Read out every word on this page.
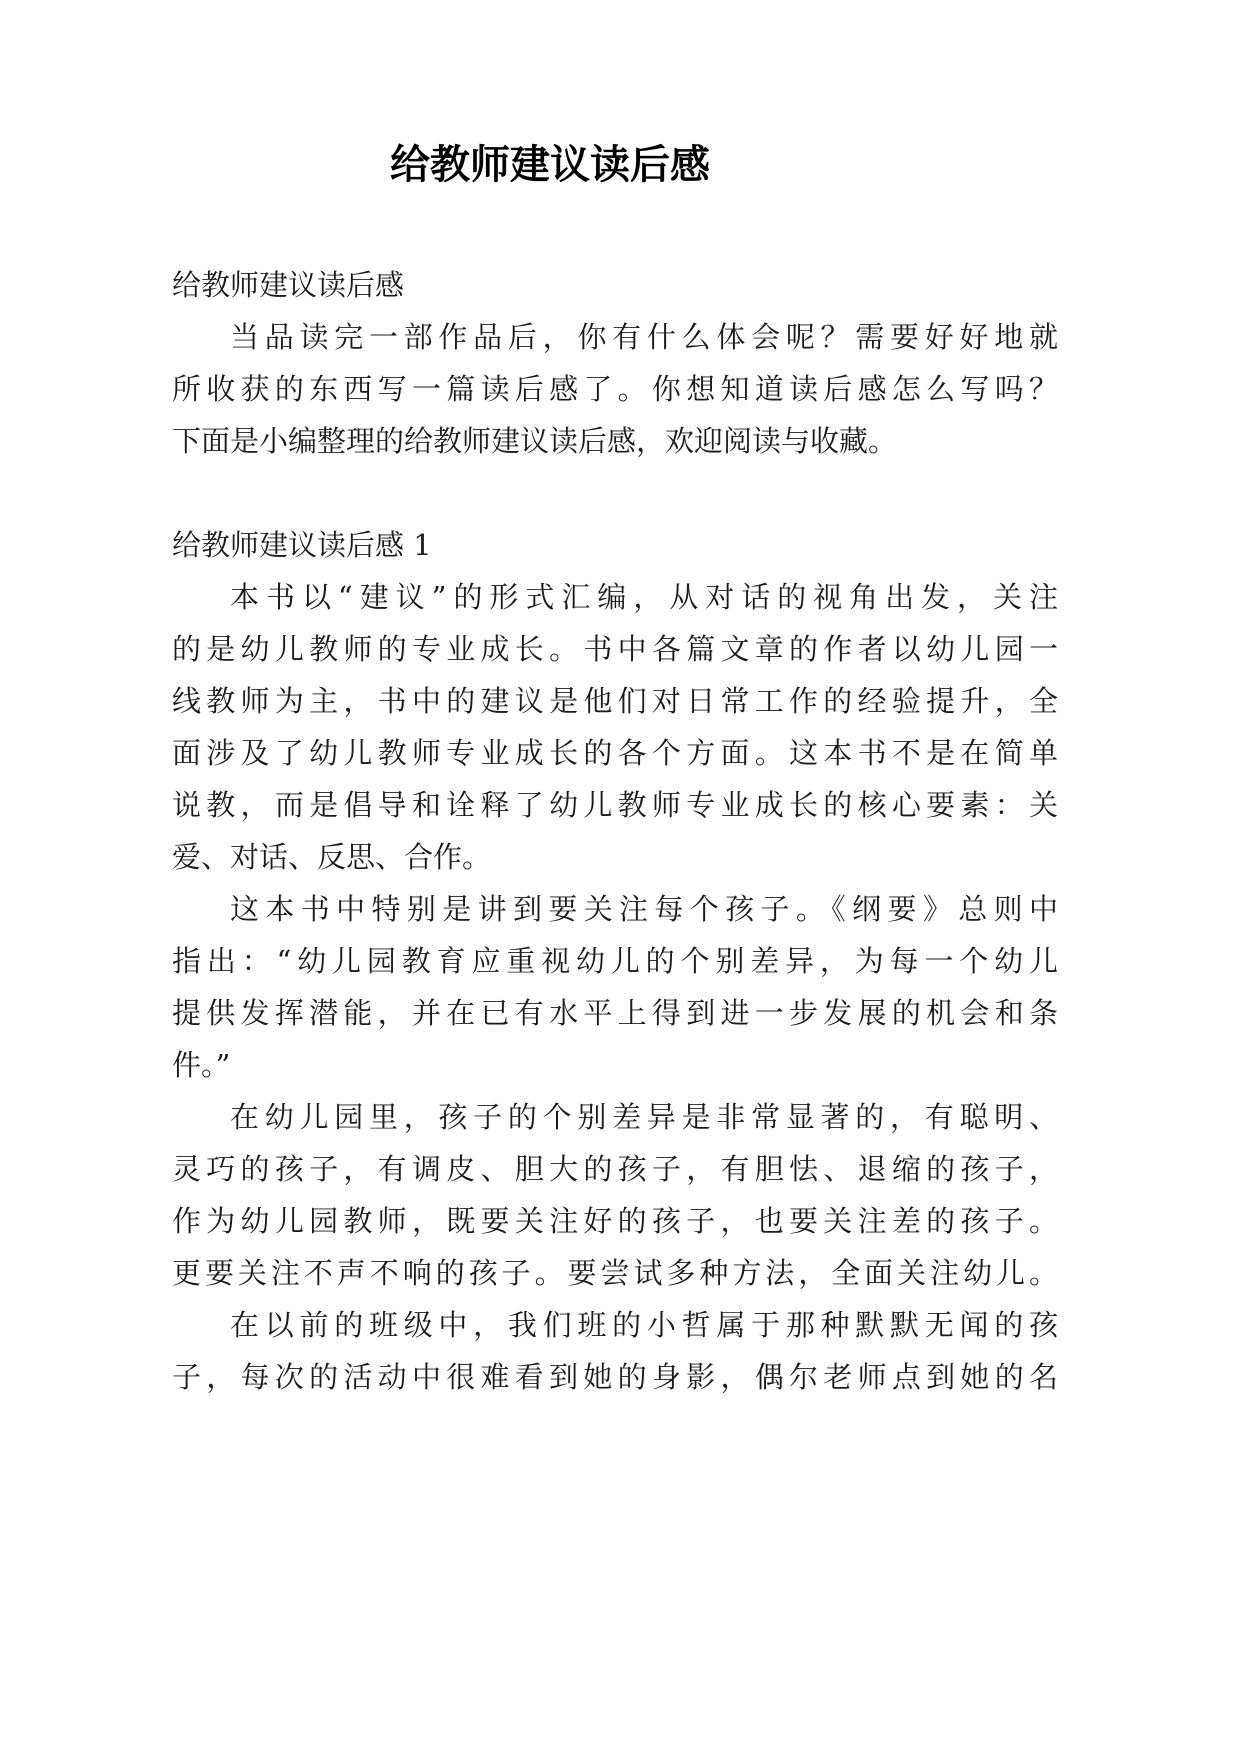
给教师建议读后感
给教师建议读后感
当品读完一部作品后，你有什么体会呢？需要好好地就
所收获的东西写一篇读后感了。你想知道读后感怎么写吗？
下面是小编整理的给教师建议读后感，欢迎阅读与收藏。
给教师建议读后感 1
本书以“建议”的形式汇编，从对话的视角出发，关注
的是幼儿教师的专业成长。书中各篇文章的作者以幼儿园一
线教师为主，书中的建议是他们对日常工作的经验提升，全
面涉及了幼儿教师专业成长的各个方面。这本书不是在简单
说教，而是倡导和诠释了幼儿教师专业成长的核心要素：关
爱、对话、反思、合作。
这本书中特别是讲到要关注每个孩子。《纲要》总则中
指出：“幼儿园教育应重视幼儿的个别差异，为每一个幼儿
提供发挥潜能，并在已有水平上得到进一步发展的机会和条
件。”
在幼儿园里，孩子的个别差异是非常显著的，有聪明、
灵巧的孩子，有调皮、胆大的孩子，有胆怯、退缩的孩子，
作为幼儿园教师，既要关注好的孩子，也要关注差的孩子。
更要关注不声不响的孩子。要尝试多种方法，全面关注幼儿。
在以前的班级中，我们班的小哲属于那种默默无闻的孩
子，每次的活动中很难看到她的身影，偶尔老师点到她的名
